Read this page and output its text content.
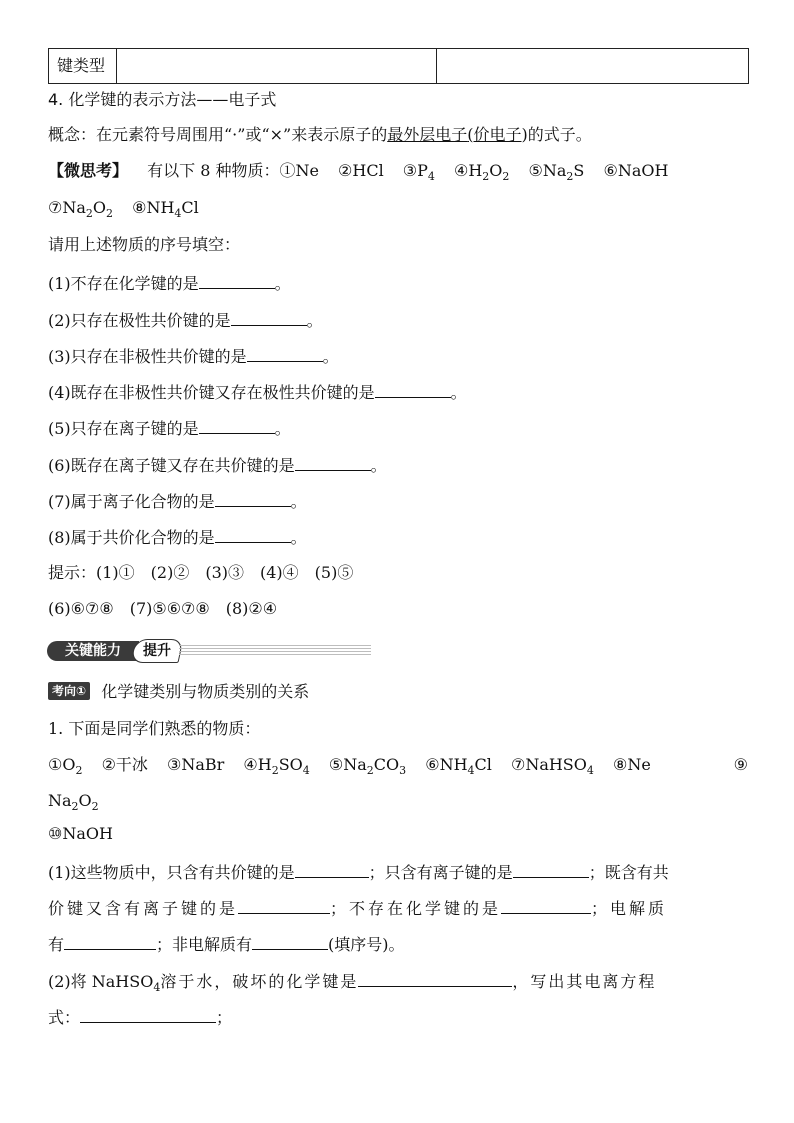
键类型		
4. 化学键的表示方法——电子式
概念：在元素符号周围用“·”或“×”来表示原子的最外层电子(价电子)的式子。
【微思考】 有以下 8 种物质：①Ne ②HCl $③P_4$ $④H_2O_2$ $⑤Na_2S$ ⑥NaOH
$⑦Na_2O_2$ $⑧NH_4Cl$
请用上述物质的序号填空：
(1)不存在化学键的是	。
(2)只存在极性共价键的是	。
(3)只存在非极性共价键的是	。
(4)既存在非极性共价键又存在极性共价键的是	。
(5)只存在离子键的是	。
(6)既存在离子键又存在共价键的是	。
(7)属于离子化合物的是	。
(8)属于共价化合物的是	。
提示：(1)①　(2)②　(3)③　(4)④　(5)⑤
(6)⑥⑦⑧　(7)⑤⑥⑦⑧　(8)②④
关键能力	提升
考向① 化学键类别与物质类别的关系
1. 下面是同学们熟悉的物质：
$①O_2$ ②干冰 ③NaBr $④H_2SO_4$ $⑤Na_2CO_3$ $⑥NH_4Cl$ ⑦NaHSO$_4$ ⑧Ne	⑨
$Na_2O_2$
⑩NaOH
(1)这些物质中，只含有共价键的是	；只含有离子键的是	；既含有共
价键又含有离子键的是	；不存在化学键的是	；电解质
有	；非电解质有	(填序号)。
(2)将 NaHSO$_4$溶于水，破坏的化学键是	，写出其电离方程
式：	；
